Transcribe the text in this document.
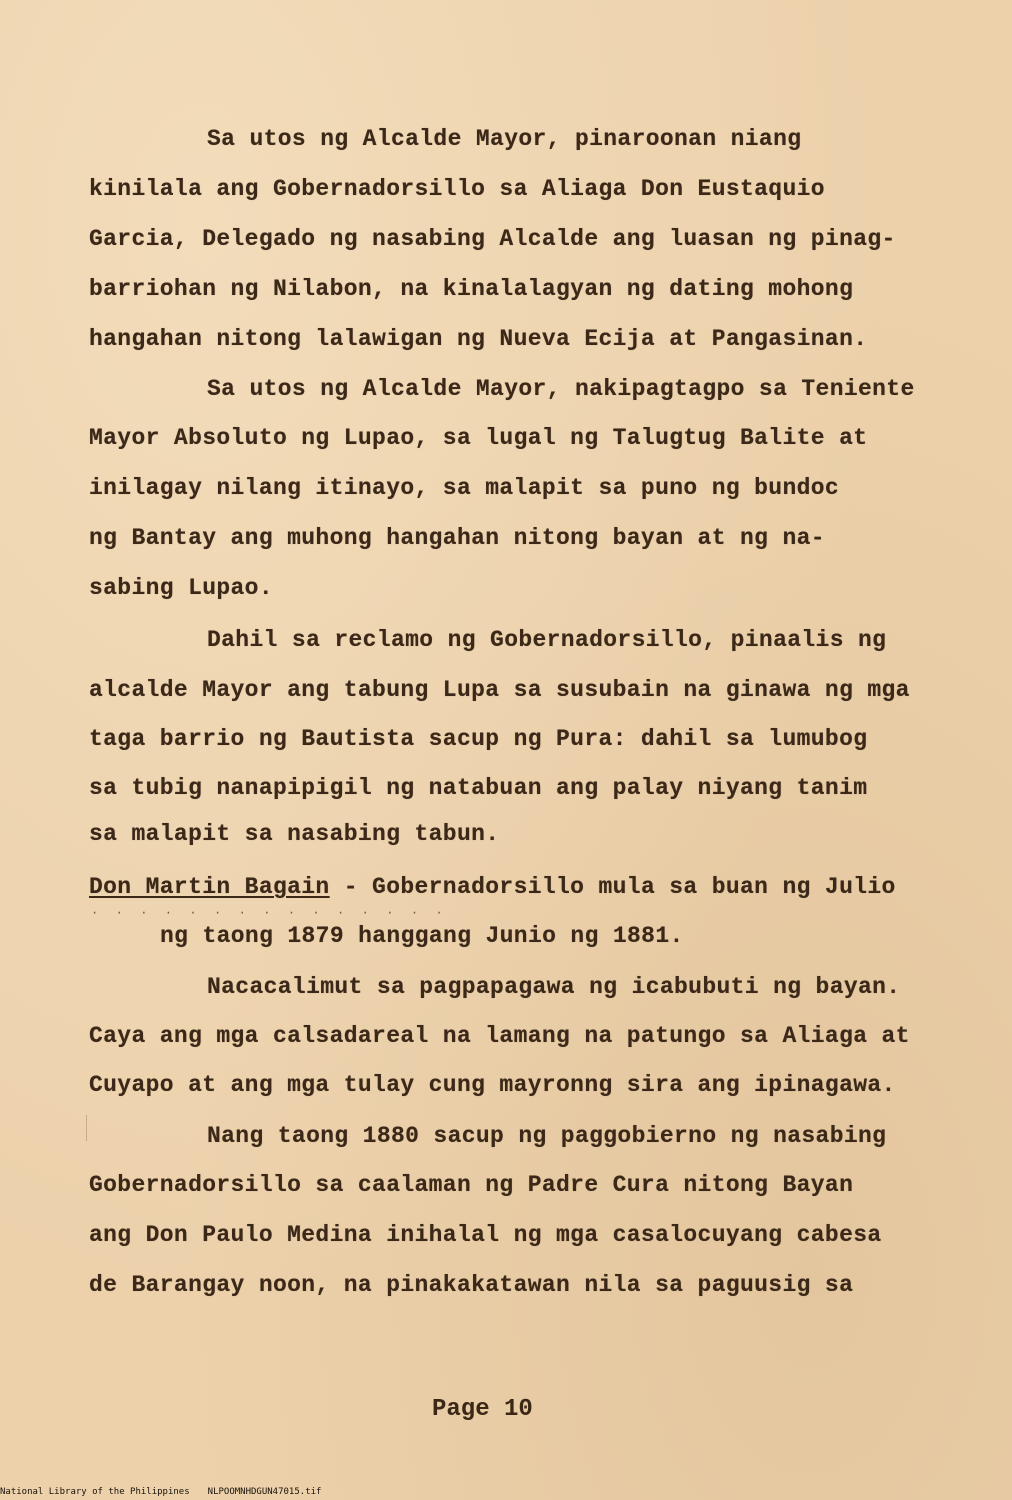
Sa utos ng Alcalde Mayor, pinaroonan niang
kinilala ang Gobernadorsillo sa Aliaga Don Eustaquio
Garcia, Delegado ng nasabing Alcalde ang luasan ng pinag-
barriohan ng Nilabon, na kinalalagyan ng dating mohong
hangahan nitong lalawigan ng Nueva Ecija at Pangasinan.
Sa utos ng Alcalde Mayor, nakipagtagpo sa Teniente
Mayor Absoluto ng Lupao, sa lugal ng Talugtug Balite at
inilagay nilang itinayo, sa malapit sa puno ng bundoc
ng Bantay ang muhong hangahan nitong bayan at ng na-
sabing Lupao.
Dahil sa reclamo ng Gobernadorsillo, pinaalis ng
alcalde Mayor ang tabung Lupa sa susubain na ginawa ng mga
taga barrio ng Bautista sacup ng Pura: dahil sa lumubog
sa tubig nanapipigil ng natabuan ang palay niyang tanim
sa malapit sa nasabing tabun.
Don Martin Bagain - Gobernadorsillo mula sa buan ng Julio
·  ·  ·  ·  ·  ·  ·  ·  ·  ·  ·  ·  ·  ·  ·
ng taong 1879 hanggang Junio ng 1881.
Nacacalimut sa pagpapagawa ng icabubuti ng bayan.
Caya ang mga calsadareal na lamang na patungo sa Aliaga at
Cuyapo at ang mga tulay cung mayronng sira ang ipinagawa.
Nang taong 1880 sacup ng paggobierno ng nasabing
Gobernadorsillo sa caalaman ng Padre Cura nitong Bayan
ang Don Paulo Medina inihalal ng mga casalocuyang cabesa
de Barangay noon, na pinakakatawan nila sa paguusig sa
Page 10
National Library of the Philippines NLPOOMNHDGUN47015.tif
